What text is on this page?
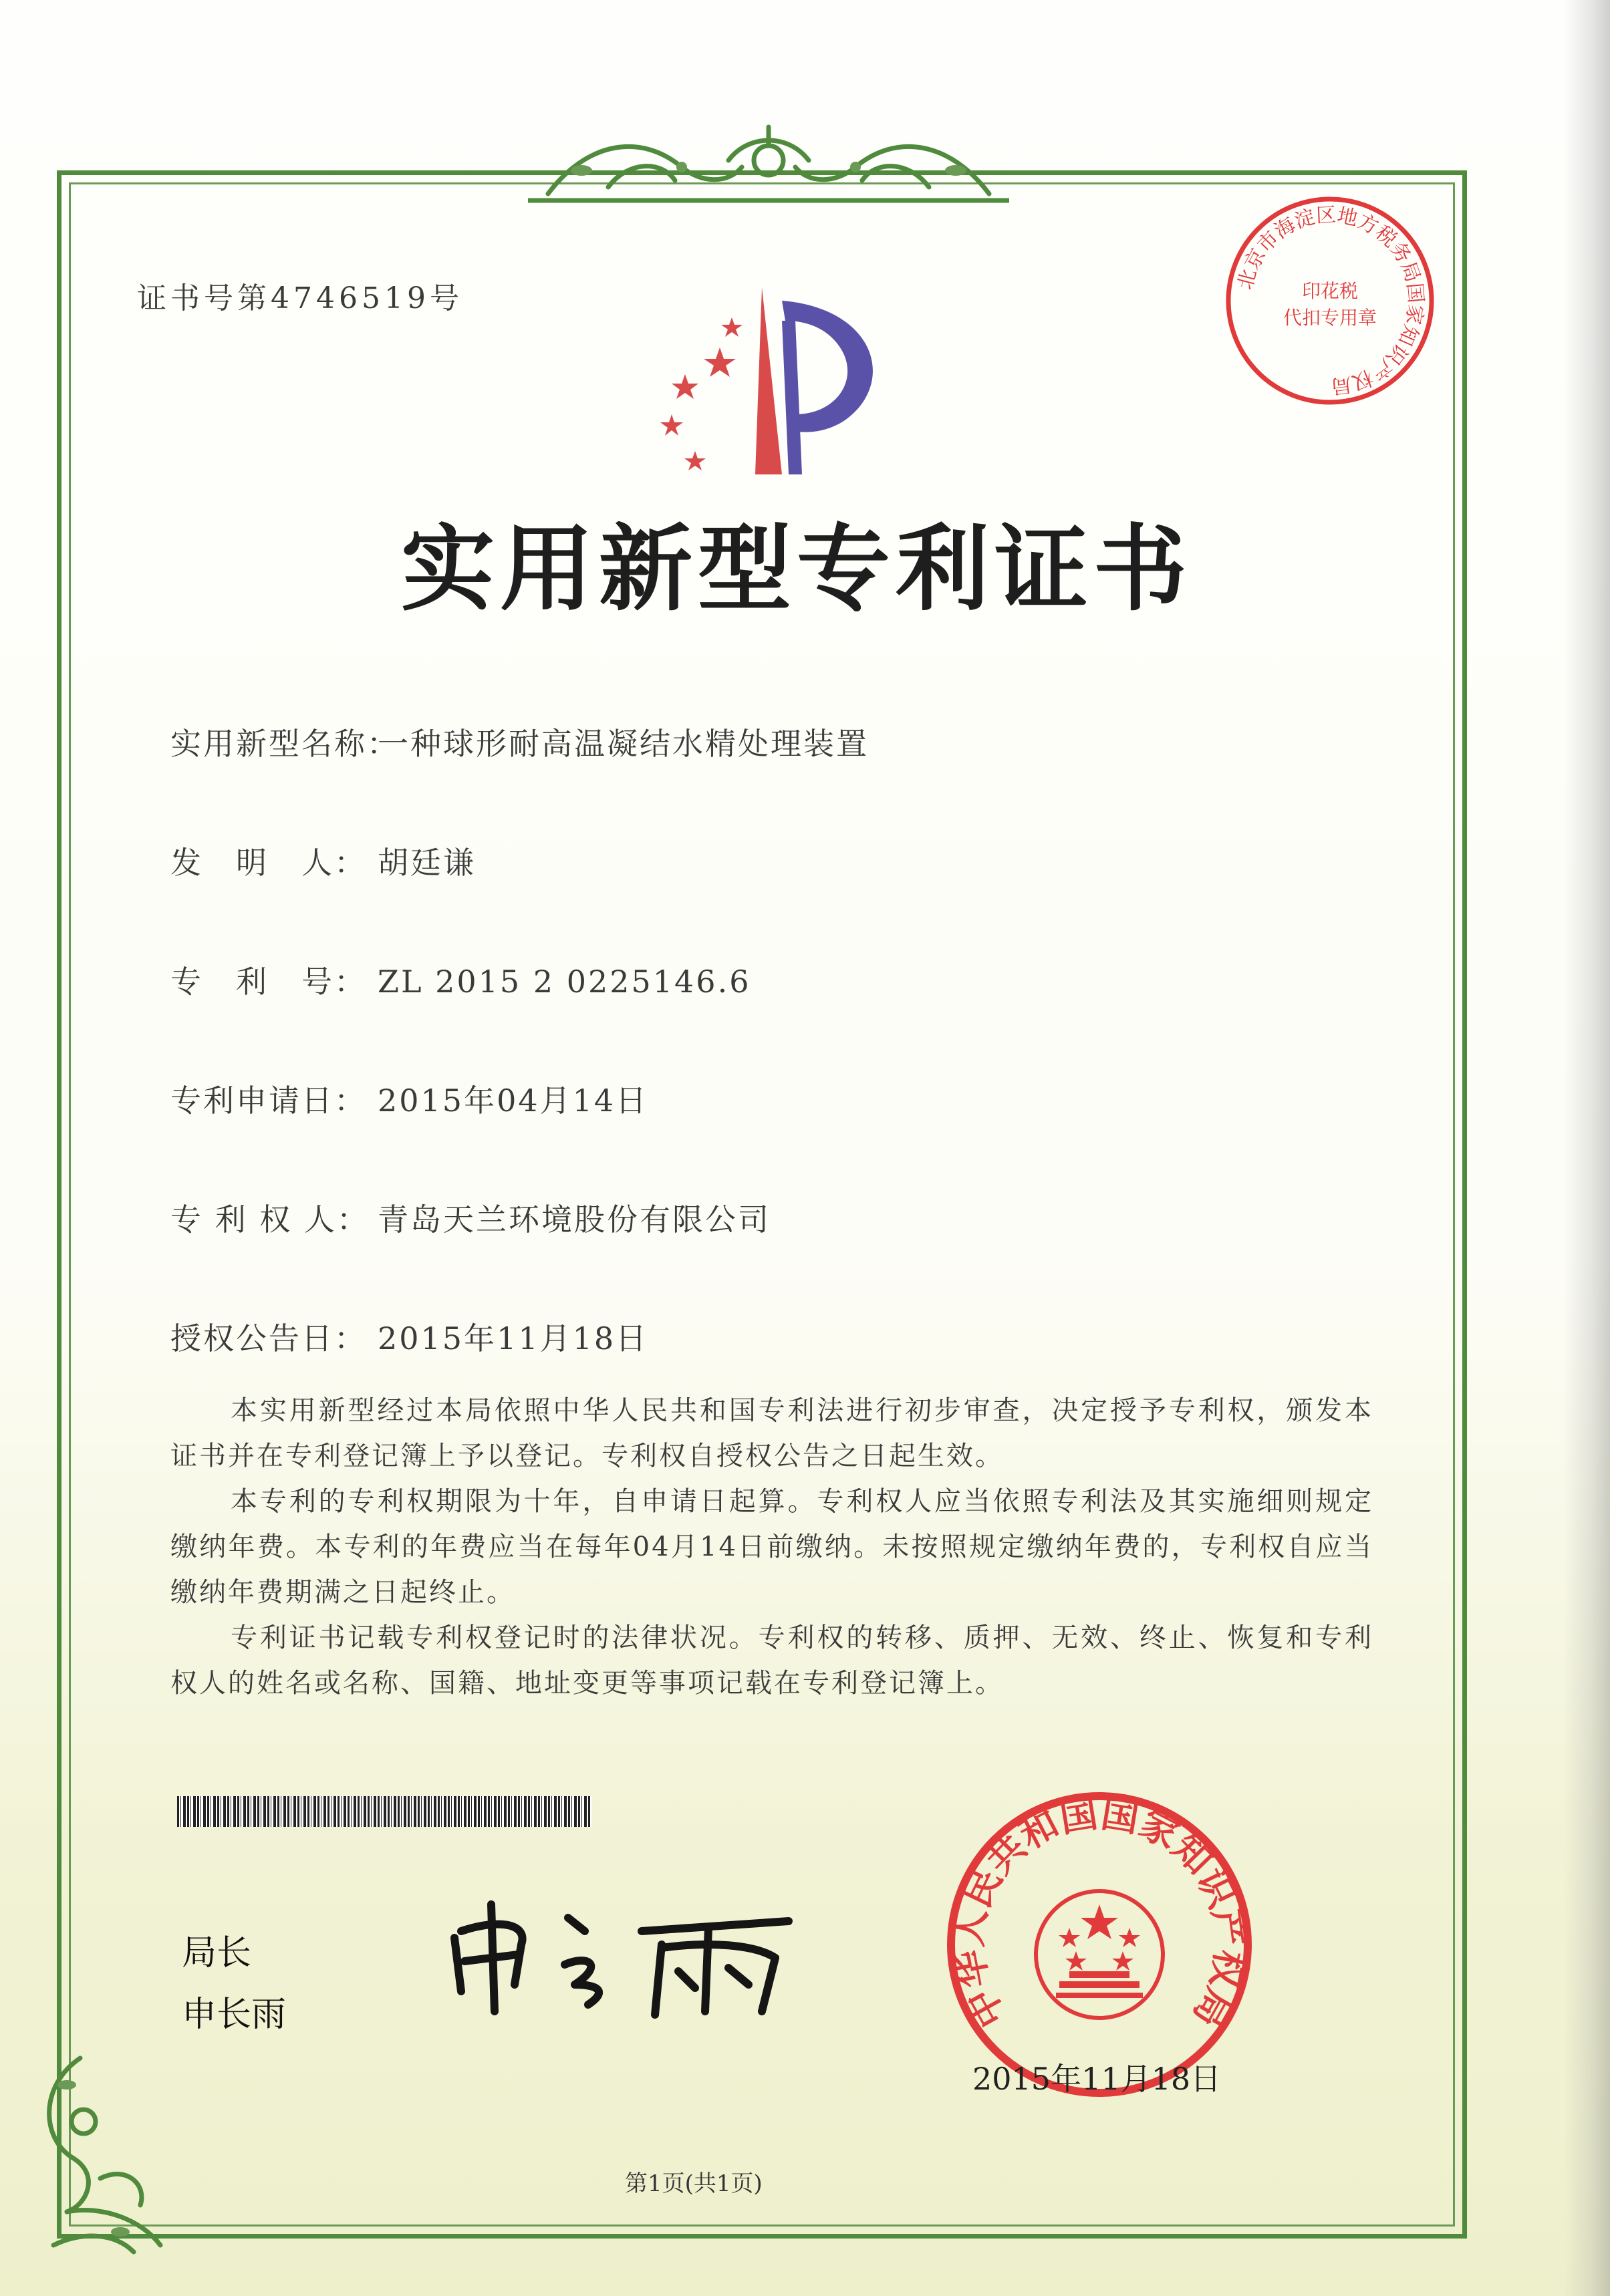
北京市海淀区地方税务局国家知识产权局
印花税
代扣专用章
证书号第4746519号
实用新型专利证书
实用新型名称：一种球形耐高温凝结水精处理装置
发　明　人： 胡廷谦
专　利　号： ZL 2015 2 0225146.6
专利申请日： 2015年04月14日
专 利 权 人： 青岛天兰环境股份有限公司
授权公告日： 2015年11月18日

本实用新型经过本局依照中华人民共和国专利法进行初步审查，决定授予专利权，颁发本证书并在专利登记簿上予以登记。专利权自授权公告之日起生效。

本专利的专利权期限为十年，自申请日起算。专利权人应当依照专利法及其实施细则规定缴纳年费。本专利的年费应当在每年04月14日前缴纳。未按照规定缴纳年费的，专利权自应当缴纳年费期满之日起终止。

专利证书记载专利权登记时的法律状况。专利权的转移、质押、无效、终止、恢复和专利权人的姓名或名称、国籍、地址变更等事项记载在专利登记簿上。

局长
申长雨	中华人民共和国国家知识产权局
2015年11月18日
第1页(共1页)
